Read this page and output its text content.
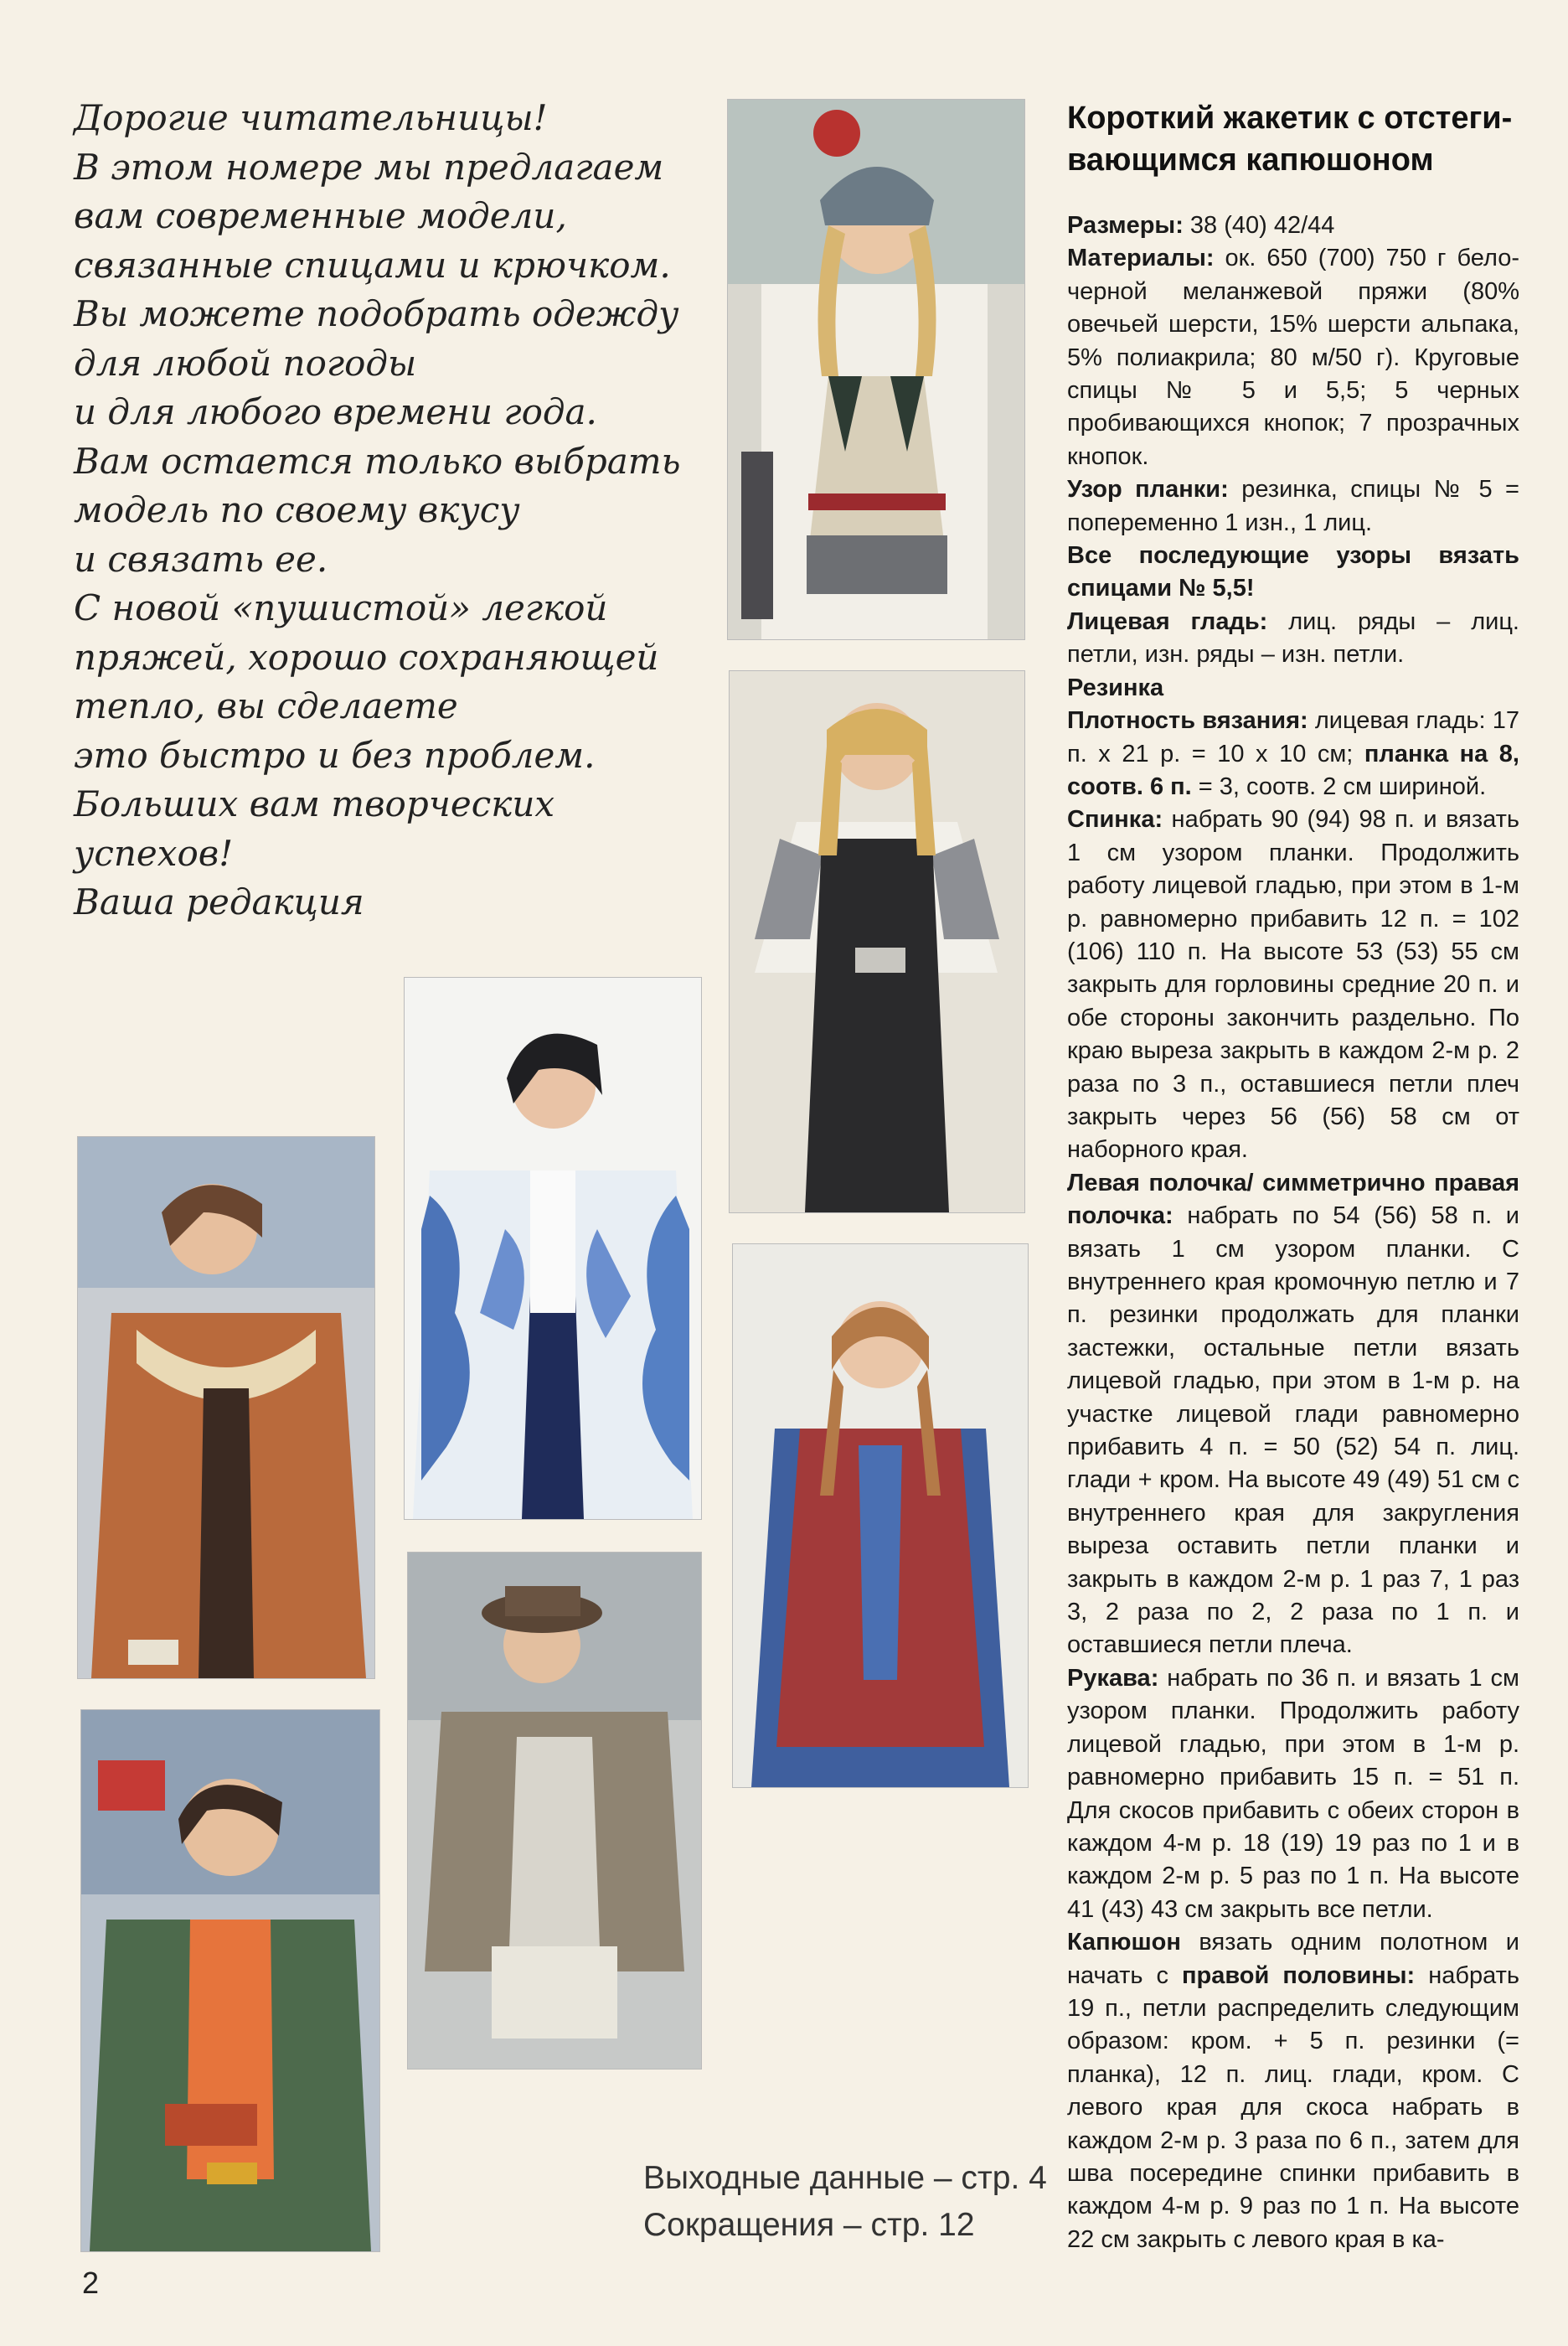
Дорогие читательницы!
В этом номере мы предлагаем
вам современные модели,
связанные спицами и крючком.
Вы можете подобрать одежду
для любой погоды
и для любого времени года.
Вам остается только выбрать
модель по своему вкусу
и связать ее.
С новой «пушистой» легкой
пряжей, хорошо сохраняющей
тепло, вы сделаете
это быстро и без проблем.
Больших вам творческих
успехов!
Ваша редакция
Выходные данные – стр. 4
Сокращения – стр. 12
2
Короткий жакетик с отстеги-
вающимся капюшоном

Размеры: 38 (40) 42/44

Материалы: ок. 650 (700) 750 г бело-черной меланжевой пряжи (80% овечьей шерсти, 15% шерсти альпака, 5% полиакрила; 80 м/50 г). Круговые спицы № 5 и 5,5; 5 черных пробивающихся кнопок; 7 прозрачных кнопок.

Узор планки: резинка, спицы № 5 = попеременно 1 изн., 1 лиц.

Все последующие узоры вязать спицами № 5,5!

Лицевая гладь: лиц. ряды – лиц. петли, изн. ряды – изн. петли.

Резинка

Плотность вязания: лицевая гладь: 17 п. х 21 р. = 10 х 10 см; планка на 8, соотв. 6 п. = 3, соотв. 2 см шириной.

Спинка: набрать 90 (94) 98 п. и вязать 1 см узором планки. Продолжить работу лицевой гладью, при этом в 1-м р. равномерно прибавить 12 п. = 102 (106) 110 п. На высоте 53 (53) 55 см закрыть для горловины средние 20 п. и обе стороны закончить раздельно. По краю выреза закрыть в каждом 2-м р. 2 раза по 3 п., оставшиеся петли плеч закрыть через 56 (56) 58 см от наборного края.

Левая полочка/ симметрично правая полочка: набрать по 54 (56) 58 п. и вязать 1 см узором планки. С внутреннего края кромочную петлю и 7 п. резинки продолжать для планки застежки, остальные петли вязать лицевой гладью, при этом в 1-м р. на участке лицевой глади равномерно прибавить 4 п. = 50 (52) 54 п. лиц. глади + кром. На высоте 49 (49) 51 см с внутреннего края для закругления выреза оставить петли планки и закрыть в каждом 2-м р. 1 раз 7, 1 раз 3, 2 раза по 2, 2 раза по 1 п. и оставшиеся петли плеча.

Рукава: набрать по 36 п. и вязать 1 см узором планки. Продолжить работу лицевой гладью, при этом в 1-м р. равномерно прибавить 15 п. = 51 п. Для скосов прибавить с обеих сторон в каждом 4-м р. 18 (19) 19 раз по 1 и в каждом 2-м р. 5 раз по 1 п. На высоте 41 (43) 43 см закрыть все петли.

Капюшон вязать одним полотном и начать с правой половины: набрать 19 п., петли распределить следующим образом: кром. + 5 п. резинки (= планка), 12 п. лиц. глади, кром. С левого края для скоса набрать в каждом 2-м р. 3 раза по 6 п., затем для шва посередине спинки прибавить в каждом 4-м р. 9 раз по 1 п. На высоте 22 см закрыть с левого края в ка-
